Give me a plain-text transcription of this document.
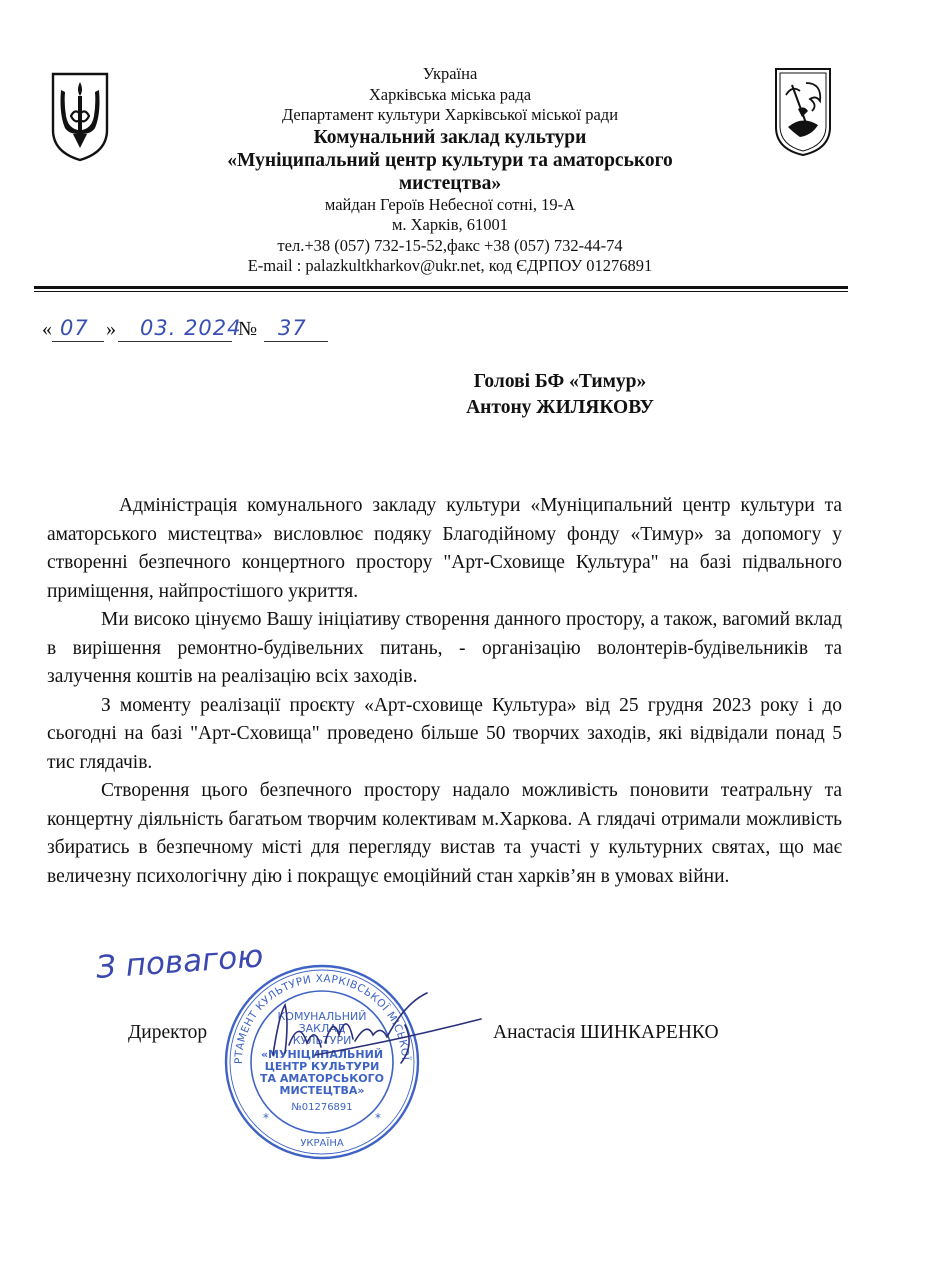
Україна
Харківська міська рада
Департамент культури Харківської міської ради
Комунальний заклад культури
«Муніципальний центр культури та аматорського
мистецтва»
майдан Героїв Небесної сотні, 19-А
м. Харків, 61001
тел.+38 (057) 732-15-52,факс +38 (057) 732-44-74
E-mail : palazkultkharkov@ukr.net, код ЄДРПОУ 01276891
« 07 » 03. 2024
№ 37
Голові БФ «Тимур»
Антону ЖИЛЯКОВУ

Адміністрація комунального закладу культури «Муніципальний центр культури та аматорського мистецтва» висловлює подяку Благодійному фонду «Тимур» за допомогу у створенні безпечного концертного простору "Арт-Сховище Культура" на базі підвального приміщення, найпростішого укриття.

Ми високо цінуємо Вашу ініціативу створення данного простору, а також, вагомий вклад в вирішення ремонтно-будівельних питань, - організацію волонтерів-будівельників та залучення коштів на реалізацію всіх заходів.

З моменту реалізації проєкту «Арт-сховище Культура» від 25 грудня 2023 року і до сьогодні на базі "Арт-Сховища" проведено більше 50 творчих заходів, які відвідали понад 5 тис глядачів.

Створення цього безпечного простору надало можливість поновити театральну та концертну діяльність багатьом творчим колективам м.Харкова. А глядачі отримали можливість збиратись в безпечному місті для перегляду вистав та участі у культурних святах, що має величезну психологічну дію і покращує емоційний стан харків’ян в умовах війни.

З повагою
Директор	Анастасія ШИНКАРЕНКО
РТАМЕНТ КУЛЬТУРИ ХАРКІВСЬКОЇ МІСЬКОЇ
КОМУНАЛЬНИЙ
ЗАКЛАД
КУЛЬТУРИ
«МУНІЦИПАЛЬНИЙ
ЦЕНТР КУЛЬТУРИ
ТА АМАТОРСЬКОГО
МИСТЕЦТВА»
№01276891
УКРАЇНА
*	*
